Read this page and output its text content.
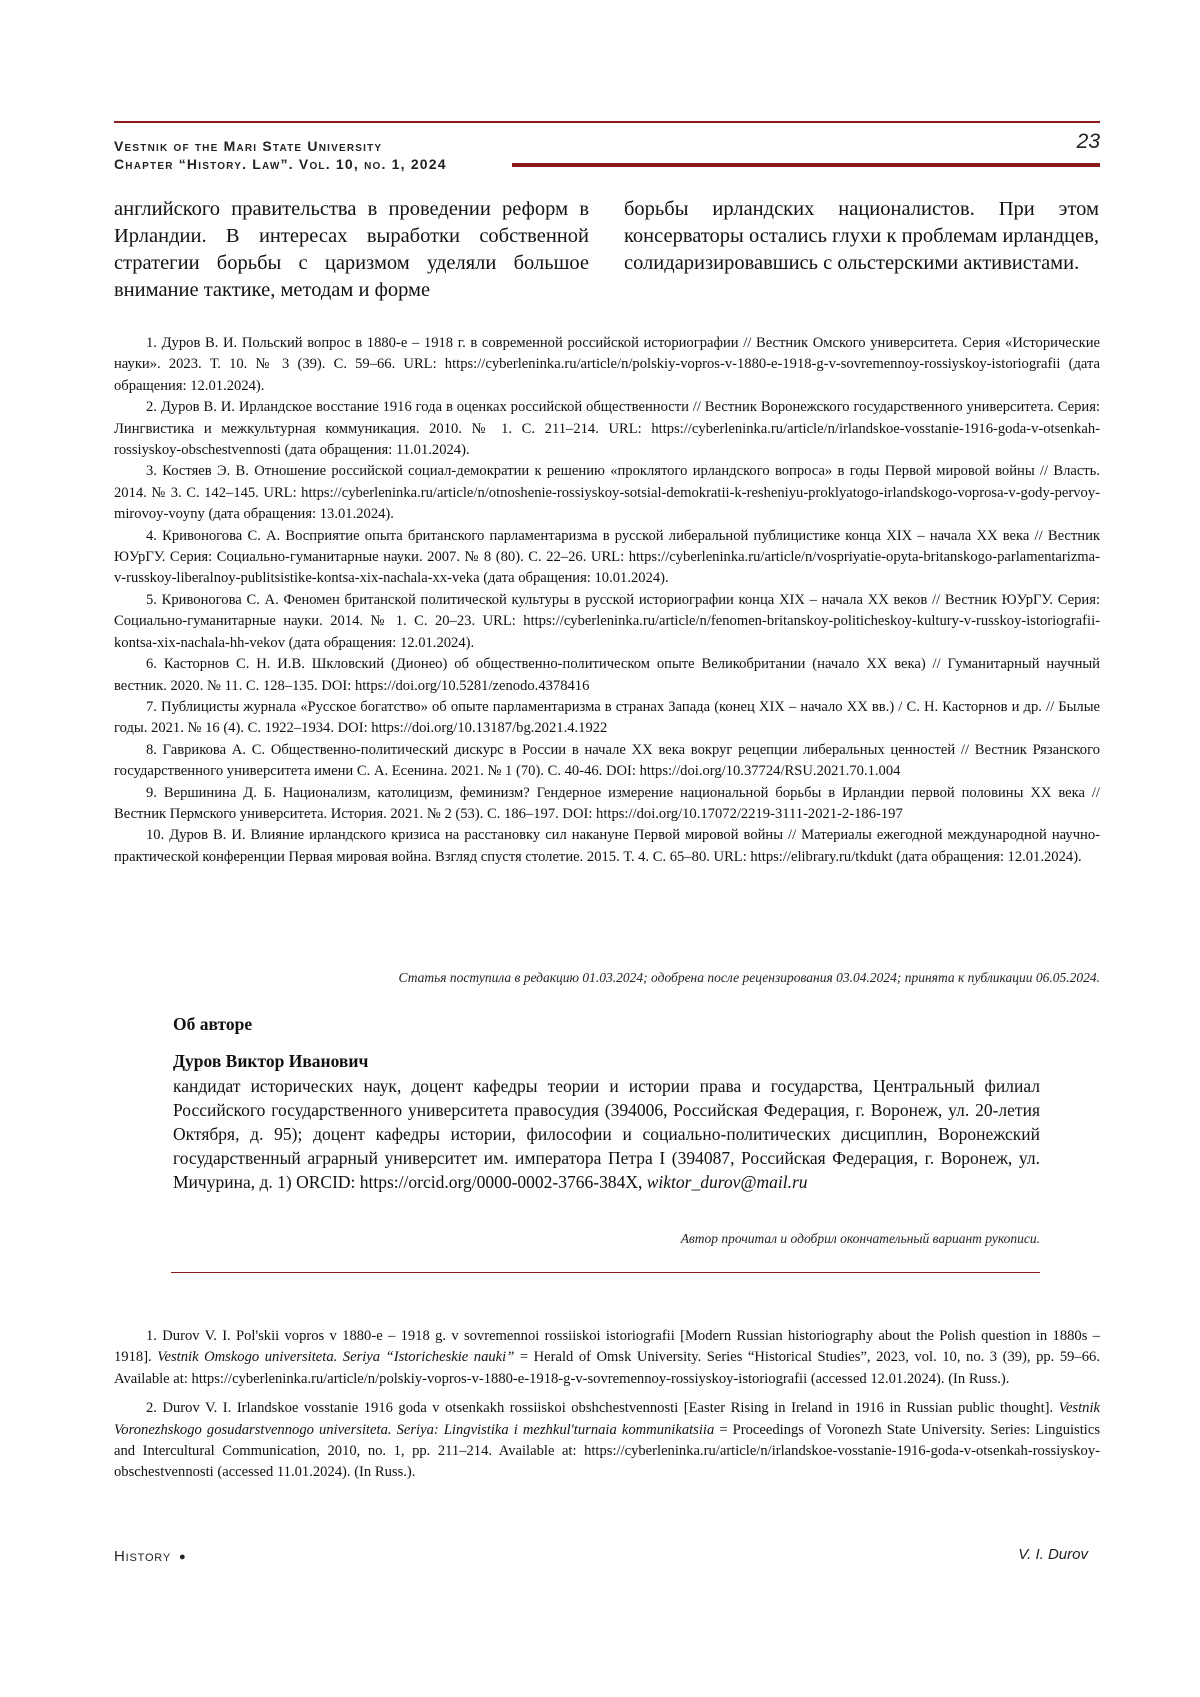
Vestnik of the Mari State University
Chapter “History. Law”. Vol. 10, no. 1, 2024
23
английского правительства в проведении реформ в Ирландии. В интересах выработки собственной стратегии борьбы с царизмом уделяли большое внимание тактике, методам и форме
борьбы ирландских националистов. При этом консерваторы остались глухи к проблемам ирландцев, солидаризировавшись с ольстерскими активистами.

1. Дуров В. И. Польский вопрос в 1880-е – 1918 г. в современной российской историографии // Вестник Омского университета. Серия «Исторические науки». 2023. Т. 10. № 3 (39). С. 59–66. URL: https://cyberleninka.ru/article/n/polskiy-vopros-v-1880-e-1918-g-v-sovremennoy-rossiyskoy-istoriografii (дата обращения: 12.01.2024).

2. Дуров В. И. Ирландское восстание 1916 года в оценках российской общественности // Вестник Воронежского государственного университета. Серия: Лингвистика и межкультурная коммуникация. 2010. № 1. С. 211–214. URL: https://cyberleninka.ru/article/n/irlandskoe-vosstanie-1916-goda-v-otsenkah-rossiyskoy-obschestvennosti (дата обращения: 11.01.2024).

3. Костяев Э. В. Отношение российской социал-демократии к решению «проклятого ирландского вопроса» в годы Первой мировой войны // Власть. 2014. № 3. С. 142–145. URL: https://cyberleninka.ru/article/n/otnoshenie-rossiyskoy-sotsial-demokratii-k-resheniyu-proklyatogo-irlandskogo-voprosa-v-gody-pervoy-mirovoy-voyny (дата обращения: 13.01.2024).

4. Кривоногова С. А. Восприятие опыта британского парламентаризма в русской либеральной публицистике конца XIX – начала XX века // Вестник ЮУрГУ. Серия: Социально-гуманитарные науки. 2007. № 8 (80). С. 22–26. URL: https://cyberleninka.ru/article/n/vospriyatie-opyta-britanskogo-parlamentarizma-v-russkoy-liberalnoy-publitsistike-kontsa-xix-nachala-xx-veka (дата обращения: 10.01.2024).

5. Кривоногова С. А. Феномен британской политической культуры в русской историографии конца XIX – начала XX веков // Вестник ЮУрГУ. Серия: Социально-гуманитарные науки. 2014. № 1. С. 20–23. URL: https://cyberleninka.ru/article/n/fenomen-britanskoy-politicheskoy-kultury-v-russkoy-istoriografii-kontsa-xix-nachala-hh-vekov (дата обращения: 12.01.2024).

6. Касторнов С. Н. И.В. Шкловский (Дионео) об общественно-политическом опыте Великобритании (начало XX века) // Гуманитарный научный вестник. 2020. № 11. С. 128–135. DOI: https://doi.org/10.5281/zenodo.4378416

7. Публицисты журнала «Русское богатство» об опыте парламентаризма в странах Запада (конец XIX – начало XX вв.) / С. Н. Касторнов и др. // Былые годы. 2021. № 16 (4). С. 1922–1934. DOI: https://doi.org/10.13187/bg.2021.4.1922

8. Гаврикова А. С. Общественно-политический дискурс в России в начале XX века вокруг рецепции либеральных ценностей // Вестник Рязанского государственного университета имени С. А. Есенина. 2021. № 1 (70). С. 40-46. DOI: https://doi.org/10.37724/RSU.2021.70.1.004

9. Вершинина Д. Б. Национализм, католицизм, феминизм? Гендерное измерение национальной борьбы в Ирландии первой половины XX века // Вестник Пермского университета. История. 2021. № 2 (53). С. 186–197. DOI: https://doi.org/10.17072/2219-3111-2021-2-186-197

10. Дуров В. И. Влияние ирландского кризиса на расстановку сил накануне Первой мировой войны // Материалы ежегодной международной научно-практической конференции Первая мировая война. Взгляд спустя столетие. 2015. Т. 4. С. 65–80. URL: https://elibrary.ru/tkdukt (дата обращения: 12.01.2024).

Статья поступила в редакцию 01.03.2024; одобрена после рецензирования 03.04.2024; принята к публикации 06.05.2024.

Об авторе

Дуров Виктор Иванович

кандидат исторических наук, доцент кафедры теории и истории права и государства, Центральный филиал Российского государственного университета правосудия (394006, Российская Федерация, г. Воронеж, ул. 20-летия Октября, д. 95); доцент кафедры истории, философии и социально-политических дисциплин, Воронежский государственный аграрный университет им. императора Петра I (394087, Российская Федерация, г. Воронеж, ул. Мичурина, д. 1) ORCID: https://orcid.org/0000-0002-3766-384X, wiktor_durov@mail.ru

Автор прочитал и одобрил окончательный вариант рукописи.

1. Durov V. I. Pol'skii vopros v 1880-e – 1918 g. v sovremennoi rossiiskoi istoriografii [Modern Russian historiography about the Polish question in 1880s – 1918]. Vestnik Omskogo universiteta. Seriya “Istoricheskie nauki” = Herald of Omsk University. Series “Historical Studies”, 2023, vol. 10, no. 3 (39), pp. 59–66. Available at: https://cyberleninka.ru/article/n/polskiy-vopros-v-1880-e-1918-g-v-sovremennoy-rossiyskoy-istoriografii (accessed 12.01.2024). (In Russ.).

2. Durov V. I. Irlandskoe vosstanie 1916 goda v otsenkakh rossiiskoi obshchestvennosti [Easter Rising in Ireland in 1916 in Russian public thought]. Vestnik Voronezhskogo gosudarstvennogo universiteta. Seriya: Lingvistika i mezhkul'turnaia kommunikatsiia = Proceedings of Voronezh State University. Series: Linguistics and Intercultural Communication, 2010, no. 1, pp. 211–214. Available at: https://cyberleninka.ru/article/n/irlandskoe-vosstanie-1916-goda-v-otsenkah-rossiyskoy-obschestvennosti (accessed 11.01.2024). (In Russ.).

History ●	V. I. Durov
